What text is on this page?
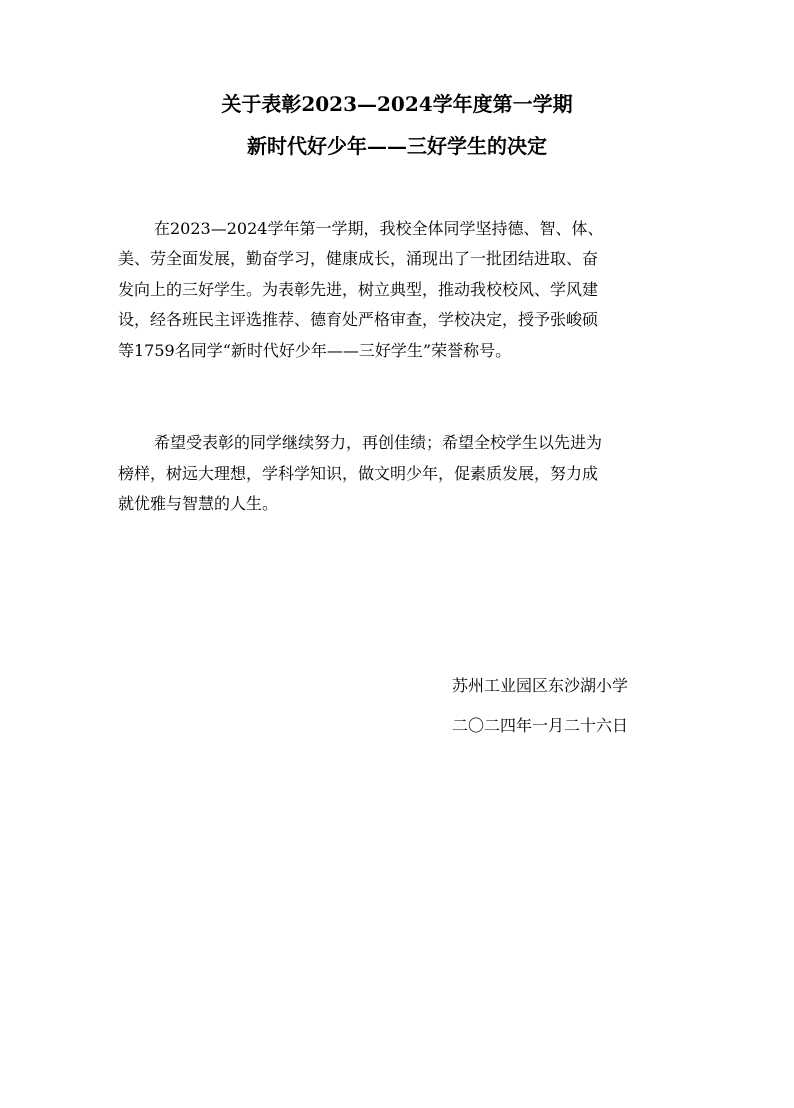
关于表彰2023—2024学年度第一学期
新时代好少年——三好学生的决定
在2023—2024学年第一学期，我校全体同学坚持德、智、体、
美、劳全面发展，勤奋学习，健康成长，涌现出了一批团结进取、奋
发向上的三好学生。为表彰先进，树立典型，推动我校校风、学风建
设，经各班民主评选推荐、德育处严格审查，学校决定，授予张峻硕
等1759名同学“新时代好少年——三好学生”荣誉称号。
希望受表彰的同学继续努力，再创佳绩；希望全校学生以先进为
榜样，树远大理想，学科学知识，做文明少年，促素质发展，努力成
就优雅与智慧的人生。
苏州工业园区东沙湖小学
二〇二四年一月二十六日
